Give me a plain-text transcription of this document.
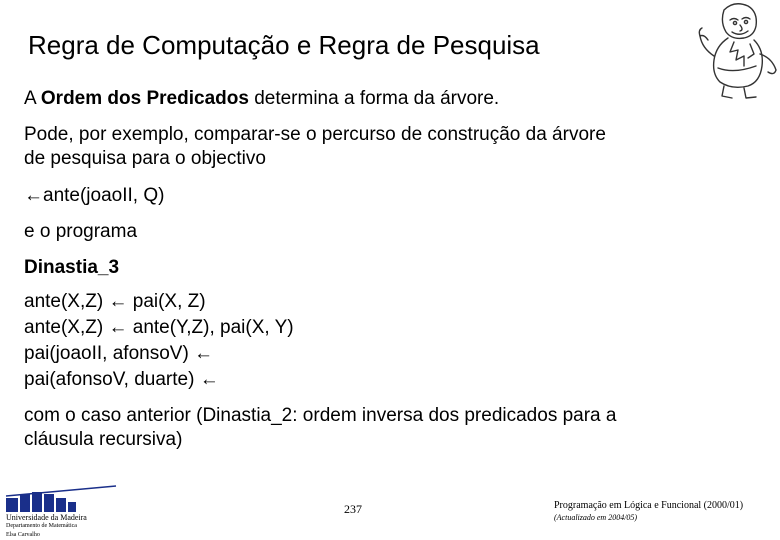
Regra de Computação e Regra de Pesquisa
A Ordem dos Predicados determina a forma da árvore.
Pode, por exemplo, comparar-se o percurso de construção da árvore
de pesquisa para o objectivo
←ante(joaoII, Q)
e o programa
Dinastia_3
ante(X,Z) ← pai(X, Z)
ante(X,Z) ← ante(Y,Z), pai(X, Y)
pai(joaoII, afonsoV) ←
pai(afonsoV, duarte) ←
com o caso anterior (Dinastia_2: ordem inversa dos predicados para a
cláusula recursiva)
Universidade da Madeira
Departamento de Matemática
Elsa Carvalho
237	Programação em Lógica e Funcional (2000/01)
(Actualizado em 2004/05)
